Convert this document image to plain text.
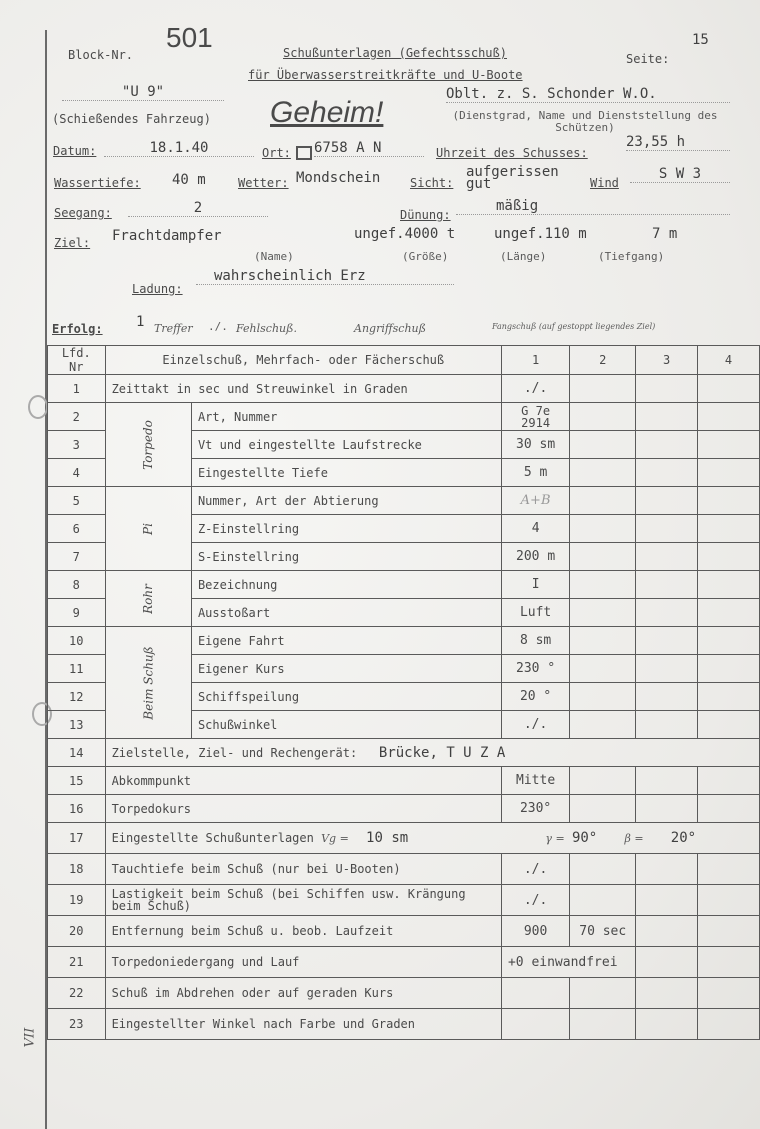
Block-Nr.
501	Schußunterlagen (Gefechtsschuß)
für Überwasserstreitkräfte und U-Boote
Seite:
15
"U 9"
(Schießendes Fahrzeug) Geheim!
Oblt. z. S. Schonder W.O.
(Dienstgrad, Name und Dienststellung des Schützen)
Datum:	18.1.40	Ort: 6758 A N	Uhrzeit des Schusses:
23,55 h
Wassertiefe: 40 m	Wetter: Mondschein Sicht:
aufgerissen gut	Wind
S W 3
Seegang:	2	Dünung:
mäßig
Ziel: Frachtdampfer
(Name)
ungef.4000 t
(Größe)
ungef.110 m
(Länge)
7 m
(Tiefgang)
Ladung:
wahrscheinlich Erz
Erfolg: 1 Treffer ./. Fehlschuß.	Angriffschuß	Fangschuß (auf gestoppt liegendes Ziel)
Lfd. Nr	Einzelschuß, Mehrfach- oder Fächerschuß		1	2	3	4
1	Zeittakt in sec und Streuwinkel in Graden		./.			
2	Torpedo	Art, Nummer	G 7e 2914			
3		Vt und eingestellte Laufstrecke	30 sm			
4		Eingestellte Tiefe	5 m			
5	Pi	Nummer, Art der Abtierung	A+B			
6		Z-Einstellring	4			
7		S-Einstellring	200 m			
8	Rohr	Bezeichnung	I			
9		Ausstoßart	Luft			
10	Beim Schuß	Eigene Fahrt	8 sm			
11		Eigener Kurs	230 °			
12		Schiffspeilung	20 °			
13		Schußwinkel	./.			
14	Zielstelle, Ziel- und Rechengerät: Brücke, T U Z A					
15	Abkommpunkt		Mitte			
16	Torpedokurs		230°			
17	Eingestellte Schußunterlagen Vg = 10 sm γ = 90° β = 20°					
18	Tauchtiefe beim Schuß (nur bei U-Booten)		./.			
19	Lastigkeit beim Schuß (bei Schiffen usw. Krängung beim Schuß)		./.			
20	Entfernung beim Schuß u. beob. Laufzeit		900	70 sec		
21	Torpedoniedergang und Lauf		+0 einwandfrei			
22	Schuß im Abdrehen oder auf geraden Kurs					
23	Eingestellter Winkel nach Farbe und Graden					
VII
